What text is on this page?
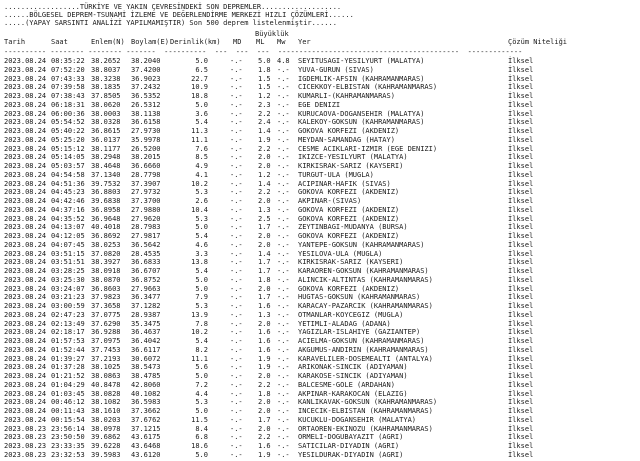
..................TÜRKİYE VE YAKIN ÇEVRESİNDEKİ SON DEPREMLER...................
......BÖLGESEL DEPREM-TSUNAMİ İZLEME VE DEĞERLENDİRME MERKEZİ HIZLI ÇÖZÜMLERİ......
.....(YAPAY SARSINTI ANALİZİ YAPILMAMIŞTIR) Son 500 deprem listelenmiştir......
Büyüklük
Tarih	Saat	Enlem(N) Boylam(E) Derinlik(km) MD ML Mw Yer	Çözüm Niteliği
---------- -------- -------- -------  ----------  ---  ---  ---  -------------------------------------------  -------------
2023.08.24 08:35:22 38.2652 38.2040	5.0	-.- 5.0 4.8 SEYITUSAGI-YESILYURT (MALATYA)	İlksel
2023.08.24 07:52:20 38.8037 37.4200	6.5	-.- 1.8 -.- YUVA-GURUN (SIVAS)	İlksel
2023.08.24 07:43:33 38.3238 36.9023	22.7	-.- 1.5 -.- IGDEMLIK-AFSIN (KAHRAMANMARAS)	İlksel
2023.08.24 07:39:58 38.1835 37.2432	10.9	-.- 1.5 -.- CICEKKOY-ELBISTAN (KAHRAMANMARAS)	İlksel
2023.08.24 07:38:43 37.8505 36.5352	18.8	-.- 1.2 -.- KUMARLI-(KAHRAMANMARAS)	İlksel
2023.08.24 06:18:31 38.0620 26.5312	5.0	-.- 2.3 -.- EGE DENIZI	İlksel
2023.08.24 06:00:36 38.0003 38.1138	3.6	-.- 2.2 -.- KURUCAOVA-DOGANSEHIR (MALATYA)	İlksel
2023.08.24 05:54:52 38.0328 36.6158	5.4	-.- 2.4 -.- KALEKOY-GOKSUN (KAHRAMANMARAS)	İlksel
2023.08.24 05:40:22 36.8615 27.9730	11.3	-.- 1.4 -.- GOKOVA KORFEZI (AKDENIZ)	İlksel
2023.08.24 05:25:20 36.0137 35.9978	11.1	-.- 1.9 -.- MEYDAN-SAMANDAG (HATAY)	İlksel
2023.08.24 05:15:12 38.1177 26.5200	7.6	-.- 2.2 -.- CESME ACIKLARI-IZMIR (EGE DENIZI)	İlksel
2023.08.24 05:14:05 38.2948 38.2015	8.5	-.- 2.0 -.- IKIZCE-YESILYURT (MALATYA)	İlksel
2023.08.24 05:03:57 38.4648 36.6660	4.9	-.- 2.0 -.- KIRKISRAK-SARIZ (KAYSERI)	İlksel
2023.08.24 04:54:58 37.1340 28.7798	4.1	-.- 1.2 -.- TURGUT-ULA (MUGLA)	İlksel
2023.08.24 04:51:36 39.7532 37.3907	10.2	-.- 1.4 -.- ACIPINAR-HAFIK (SIVAS)	İlksel
2023.08.24 04:45:23 36.8803 27.9732	5.3	-.- 2.2 -.- GOKOVA KORFEZI (AKDENIZ)	İlksel
2023.08.24 04:42:46 39.6838 37.3700	2.6	-.- 2.0 -.- AKPINAR-(SIVAS)	İlksel
2023.08.24 04:37:16 36.8958 27.9880	10.4	-.- 1.3 -.- GOKOVA KORFEZI (AKDENIZ)	İlksel
2023.08.24 04:35:52 36.9648 27.9620	5.3	-.- 2.5 -.- GOKOVA KORFEZI (AKDENIZ)	İlksel
2023.08.24 04:13:07 40.4018 28.7983	5.0	-.- 1.7 -.- ZEYTINBAGI-MUDANYA (BURSA)	İlksel
2023.08.24 04:12:05 36.8692 27.9817	5.4	-.- 2.0 -.- GOKOVA KORFEZI (AKDENIZ)	İlksel
2023.08.24 04:07:45 38.0253 36.5642	4.6	-.- 2.0 -.- YANTEPE-GOKSUN (KAHRAMANMARAS)	İlksel
2023.08.24 03:51:15 37.0820 28.4535	3.3	-.- 1.4 -.- YESILOVA-ULA (MUGLA)	İlksel
2023.08.24 03:51:51 38.3927 36.6833	13.8	-.- 1.7 -.- KIRKISRAK-SARIZ (KAYSERI)	İlksel
2023.08.24 03:28:25 38.0918 36.6707	5.4	-.- 1.7 -.- KARAOREN-GOKSUN (KAHRAMANMARAS)	İlksel
2023.08.24 03:25:30 38.0870 36.8752	5.0	-.- 1.8 -.- ALINCIK-ALTINTAS (KAHRAMANMARAS)	İlksel
2023.08.24 03:24:07 36.8603 27.9663	5.0	-.- 2.0 -.- GOKOVA KORFEZI (AKDENIZ)	İlksel
2023.08.24 03:21:23 37.9823 36.3477	7.9	-.- 1.7 -.- HUGTAS-GOKSUN (KAHRAMANMARAS)	İlksel
2023.08.24 03:00:59 37.3658 37.1282	5.3	-.- 1.6 -.- KARACAY-PAZARCIK (KAHRAMANMARAS)	İlksel
2023.08.24 02:47:23 37.0775 28.9387	13.9	-.- 1.3 -.- OTMANLAR-KOYCEGIZ (MUGLA)	İlksel
2023.08.24 02:13:49 37.6290 35.3475	7.8	-.- 2.0 -.- YETIMLI-ALADAG (ADANA)	İlksel
2023.08.24 02:18:17 36.9288 36.4637	10.2	-.- 1.6 -.- YAGIZLAR-ISLAHIYE (GAZIANTEP)	İlksel
2023.08.24 01:57:53 37.0975 36.4042	5.4	-.- 1.6 -.- ACIELMA-GOKSUN (KAHRAMANMARAS)	İlksel
2023.08.24 01:52:44 37.7453 36.6117	8.2	-.- 1.6 -.- AKGUMUS-ANDIRIN (KAHRAMANMARAS)	İlksel
2023.08.24 01:39:27 37.2193 30.6072	11.1	-.- 1.9 -.- KARAVELILER-DOSEMEALTI (ANTALYA)	İlksel
2023.08.24 01:37:28 38.1025 38.5473	5.6	-.- 1.9 -.- ARIKONAK-SINCIK (ADIYAMAN)	İlksel
2023.08.24 01:21:52 38.0863 38.4785	5.0	-.- 2.0 -.- KARAKOSE-SINCIK (ADIYAMAN)	İlksel
2023.08.24 01:04:29 40.8478 42.8060	7.2	-.- 2.2 -.- BALCESME-GOLE (ARDAHAN)	İlksel
2023.08.24 01:03:45 38.0828 40.1082	4.4	-.- 1.8 -.- AKPINAR-KARAKOCAN (ELAZIG)	İlksel
2023.08.24 00:46:12 38.1082 36.5983	5.3	-.- 2.0 -.- KANLIKAVAK-GOKSUN (KAHRAMANMARAS)	İlksel
2023.08.24 00:11:43 38.1610 37.3662	5.0	-.- 2.0 -.- INCECIK-ELBISTAN (KAHRAMANMARAS)	İlksel
2023.08.24 00:15:54 38.0203 37.6762	11.5	-.- 1.7 -.- KUCUKLU-DOGANSEHIR (MALATYA)	İlksel
2023.08.23 23:56:14 38.0978 37.1215	8.4	-.- 2.0 -.- ORTAOREN-EKINOZU (KAHRAMANMARAS)	İlksel
2023.08.23 23:50:50 39.6862 43.6175	6.8	-.- 2.2 -.- ORMELI-DOGUBAYAZIT (AGRI)	İlksel
2023.08.23 23:33:35 39.6228 43.6468	18.6	-.- 1.6 -.- SATICILAR-DIYADIN (AGRI)	İlksel
2023.08.23 23:32:53 39.5983 43.6120	5.0	-.- 1.9 -.- YESILDURAK-DIYADIN (AGRI)	İlksel
